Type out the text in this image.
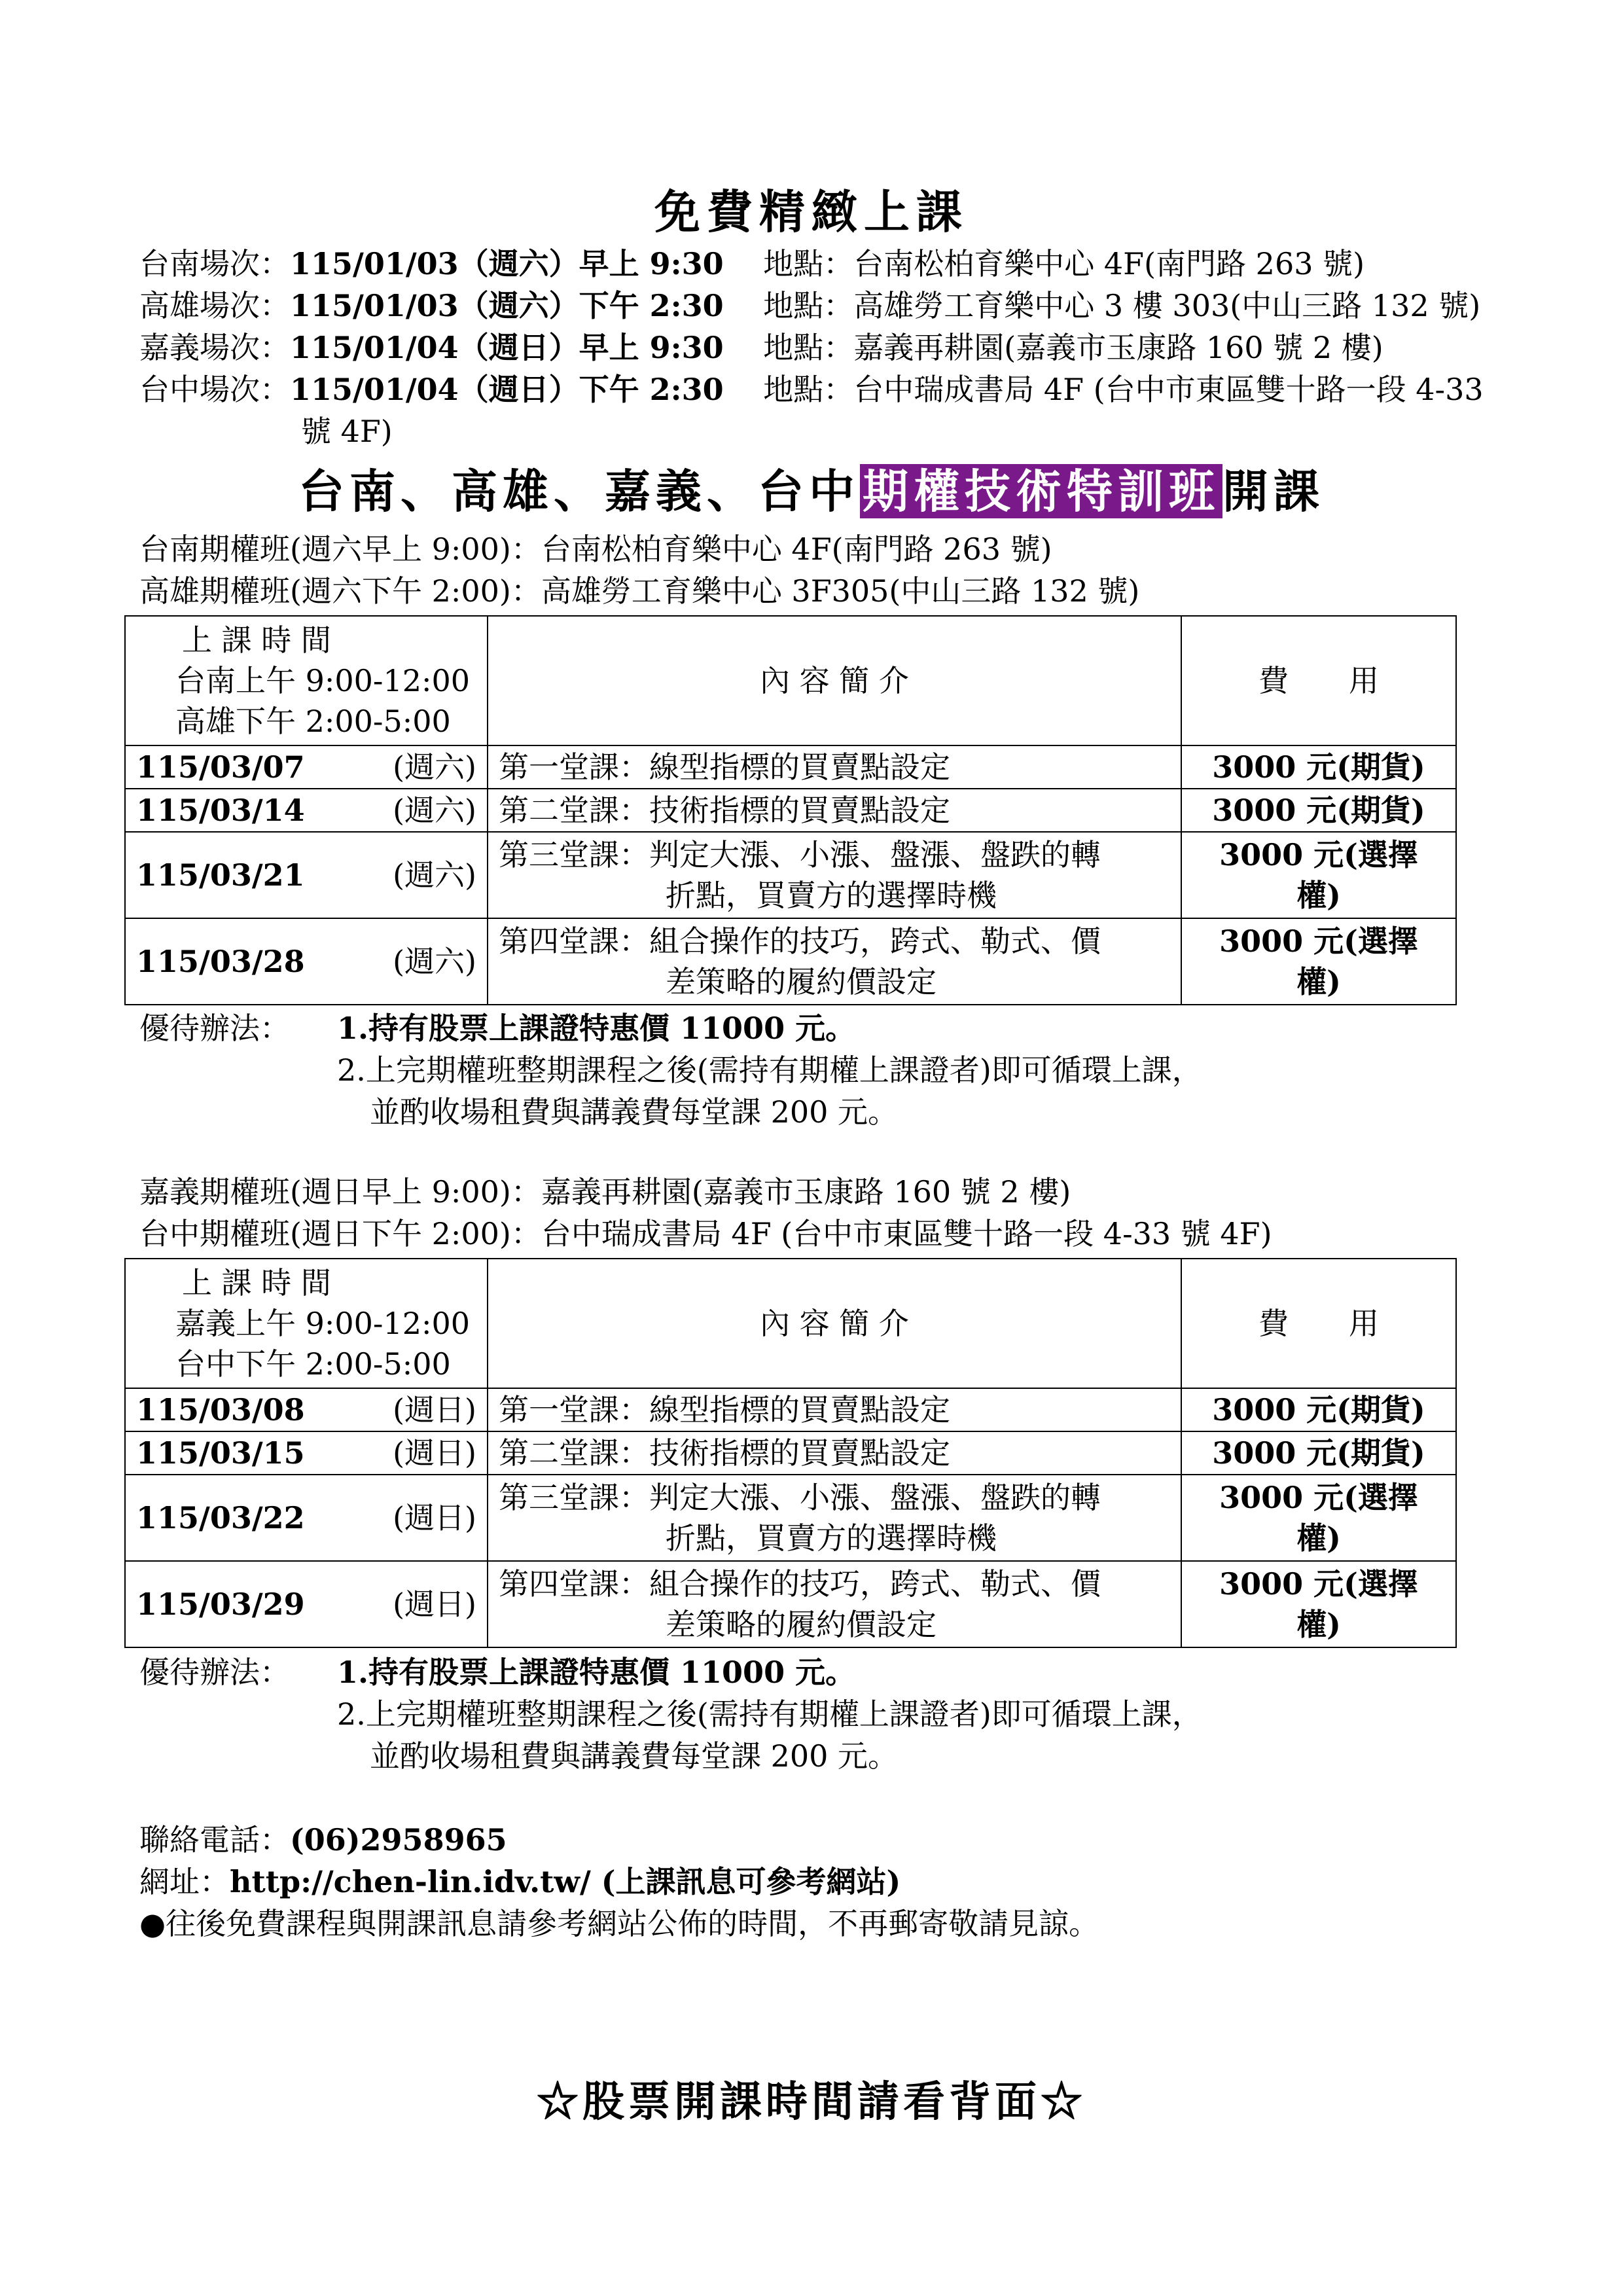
免費精緻上課
台南場次：115/01/03（週六）早上 9:30　 地點：台南松柏育樂中心 4F(南門路 263 號)
高雄場次：115/01/03（週六）下午 2:30　 地點：高雄勞工育樂中心 3 樓 303(中山三路 132 號)
嘉義場次：115/01/04（週日）早上 9:30　 地點：嘉義再耕園(嘉義市玉康路 160 號 2 樓)
台中場次：115/01/04（週日）下午 2:30　 地點：台中瑞成書局 4F (台中市東區雙十路一段 4-33
號 4F)
台南、高雄、嘉義、台中期權技術特訓班開課
台南期權班(週六早上 9:00)：台南松柏育樂中心 4F(南門路 263 號)
高雄期權班(週六下午 2:00)：高雄勞工育樂中心 3F305(中山三路 132 號)
上 課 時 間
台南上午 9:00-12:00
高雄下午 2:00-5:00	內 容 簡 介	費　　用

115/03/07 (週六)	第一堂課：線型指標的買賣點設定	3000 元(期貨)

115/03/14 (週六)	第二堂課：技術指標的買賣點設定	3000 元(期貨)

115/03/21 (週六)	第三堂課：判定大漲、小漲、盤漲、盤跌的轉
折點，買賣方的選擇時機	3000 元(選擇
權)

115/03/28 (週六)	第四堂課：組合操作的技巧，跨式、勒式、價
差策略的履約價設定	3000 元(選擇
權)
優待辦法： 1.持有股票上課證特惠價 11000 元。
2.上完期權班整期課程之後(需持有期權上課證者)即可循環上課，
並酌收場租費與講義費每堂課 200 元。
嘉義期權班(週日早上 9:00)：嘉義再耕園(嘉義市玉康路 160 號 2 樓)
台中期權班(週日下午 2:00)：台中瑞成書局 4F (台中市東區雙十路一段 4-33 號 4F)
上 課 時 間
嘉義上午 9:00-12:00
台中下午 2:00-5:00	內 容 簡 介	費　　用

115/03/08 (週日)	第一堂課：線型指標的買賣點設定	3000 元(期貨)

115/03/15 (週日)	第二堂課：技術指標的買賣點設定	3000 元(期貨)

115/03/22 (週日)	第三堂課：判定大漲、小漲、盤漲、盤跌的轉
折點，買賣方的選擇時機	3000 元(選擇
權)

115/03/29 (週日)	第四堂課：組合操作的技巧，跨式、勒式、價
差策略的履約價設定	3000 元(選擇
權)
優待辦法： 1.持有股票上課證特惠價 11000 元。
2.上完期權班整期課程之後(需持有期權上課證者)即可循環上課，
並酌收場租費與講義費每堂課 200 元。
聯絡電話：(06)2958965
網址：http://chen-lin.idv.tw/ (上課訊息可參考網站)
●往後免費課程與開課訊息請參考網站公佈的時間，不再郵寄敬請見諒。
☆股票開課時間請看背面☆
